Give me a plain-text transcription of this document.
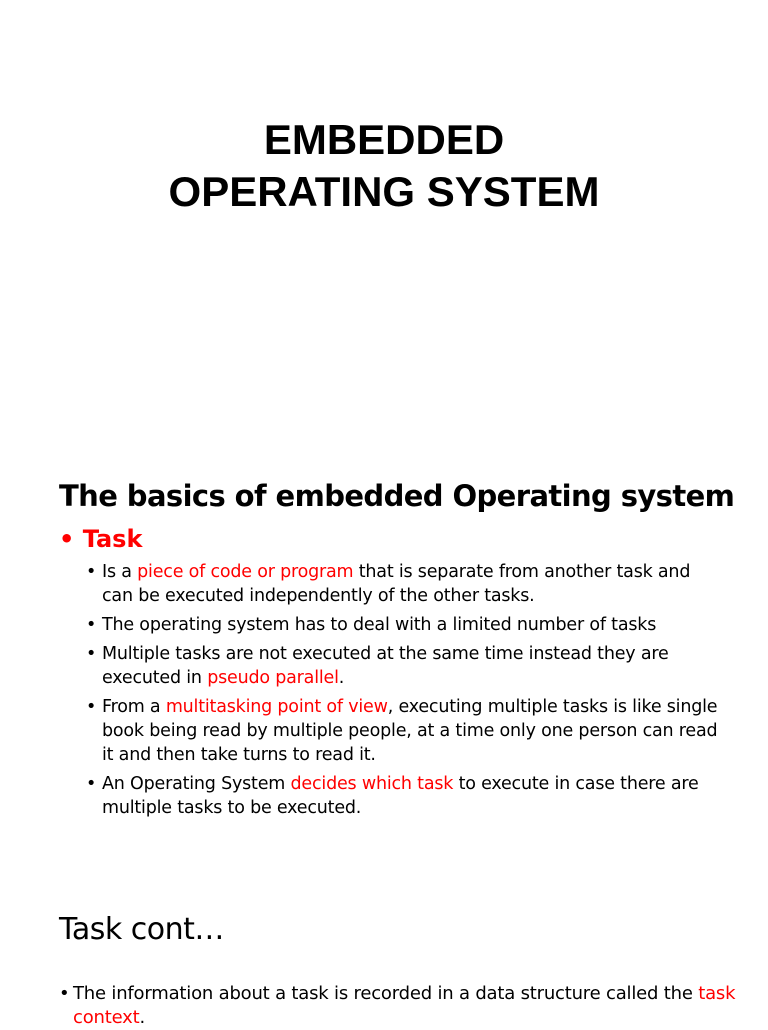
EMBEDDED
OPERATING SYSTEM
The basics of embedded Operating system
• Task
• Is a piece of code or program that is separate from another task and can be executed independently of the other tasks.
• The operating system has to deal with a limited number of tasks
• Multiple tasks are not executed at the same time instead they are executed in pseudo parallel.
• From a multitasking point of view, executing multiple tasks is like single book being read by multiple people, at a time only one person can read it and then take turns to read it.
• An Operating System decides which task to execute in case there are multiple tasks to be executed.
Task cont…
• The information about a task is recorded in a data structure called the task context.
